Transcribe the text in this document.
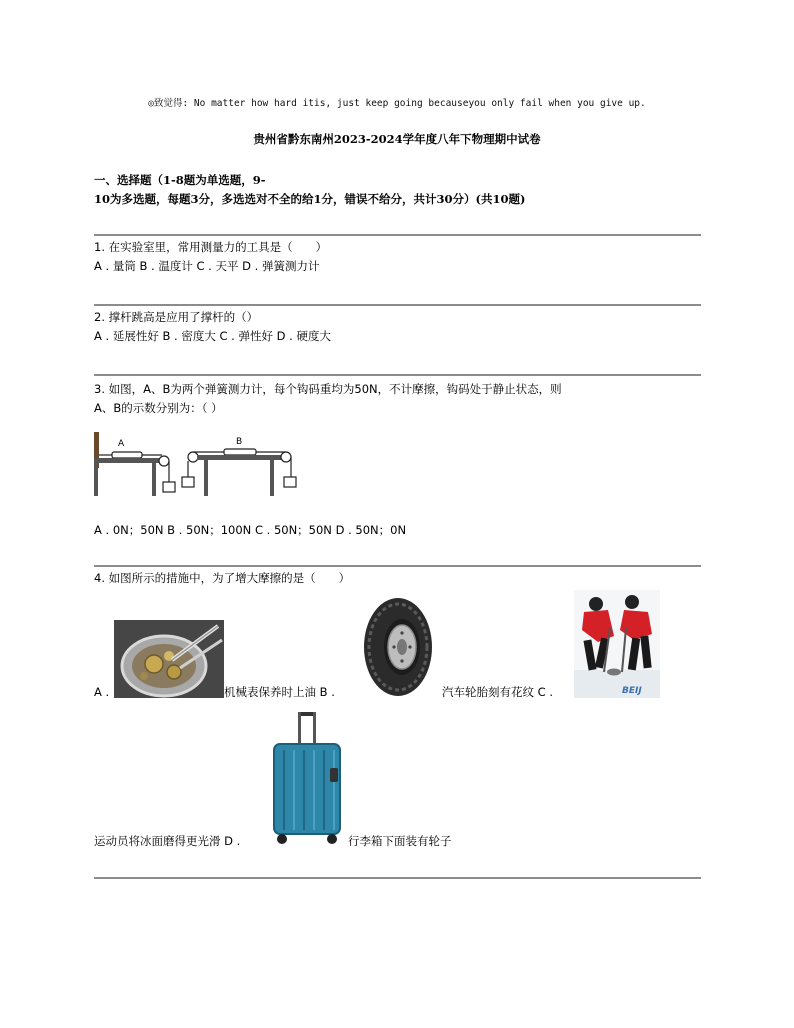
◎致觉得: No matter how hard itis, just keep going becauseyou only fail when you give up.
贵州省黔东南州2023-2024学年度八年下物理期中试卷
一、选择题（1-8题为单选题，9-
10为多选题，每题3分，多选选对不全的给1分，错误不给分，共计30分）(共10题)
1. 在实验室里，常用测量力的工具是（　　）
A . 量筒 B . 温度计 C . 天平 D . 弹簧测力计
2. 撑杆跳高是应用了撑杆的（）
A . 延展性好 B . 密度大 C . 弹性好 D . 硬度大
3. 如图，A、B为两个弹簧测力计，每个钩码重均为50N，不计摩擦，钩码处于静止状态，则
A、B的示数分别为：（ ）
A	B
A . 0N；50N B . 50N；100N C . 50N；50N D . 50N；0N
4. 如图所示的措施中，为了增大摩擦的是（　　）
A .	机械表保养时上油 B .	汽车轮胎刻有花纹 C .	BEIJ
运动员将冰面磨得更光滑 D .	行李箱下面装有轮子
